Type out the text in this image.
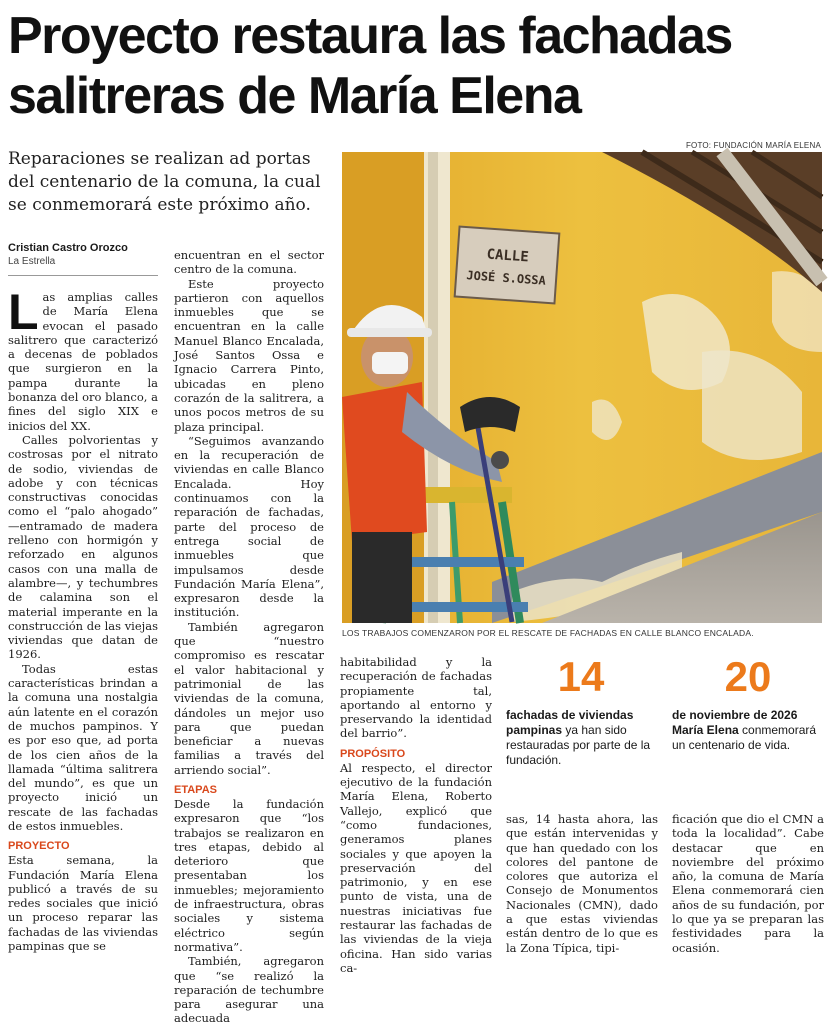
Proyecto restaura las fachadas salitreras de María Elena
FOTO: FUNDACIÓN MARÍA ELENA
Reparaciones se realizan ad portas del centenario de la comuna, la cual se conmemorará este próximo año.
Cristian Castro Orozco
La Estrella

Las amplias calles de María Elena evocan el pasado salitrero que caracterizó a decenas de poblados que surgieron en la pampa durante la bonanza del oro blanco, a fines del siglo XIX e inicios del XX.

Calles polvorientas y costrosas por el nitrato de sodio, viviendas de adobe y con técnicas constructivas conocidas como el “palo ahogado” —entramado de madera relleno con hormigón y reforzado en algunos casos con una malla de alambre—, y techumbres de calamina son el material imperante en la construcción de las viejas viviendas que datan de 1926.

Todas estas características brindan a la comuna una nostalgia aún latente en el corazón de muchos pampinos. Y es por eso que, ad porta de los cien años de la llamada “última salitrera del mundo”, es que un proyecto inició un rescate de las fachadas de estos inmuebles.

PROYECTO

Esta semana, la Fundación María Elena publicó a través de su redes sociales que inició un proceso reparar las fachadas de las viviendas pampinas que se

encuentran en el sector centro de la comuna.

Este proyecto partieron con aquellos inmuebles que se encuentran en la calle Manuel Blanco Encalada, José Santos Ossa e Ignacio Carrera Pinto, ubicadas en pleno corazón de la salitrera, a unos pocos metros de su plaza principal.

“Seguimos avanzando en la recuperación de viviendas en calle Blanco Encalada. Hoy continuamos con la reparación de fachadas, parte del proceso de entrega social de inmuebles que impulsamos desde Fundación María Elena”, expresaron desde la institución.

También agregaron que “nuestro compromiso es rescatar el valor habitacional y patrimonial de las viviendas de la comuna, dándoles un mejor uso para que puedan beneficiar a nuevas familias a través del arriendo social”.

ETAPAS

Desde la fundación expresaron que “los trabajos se realizaron en tres etapas, debido al deterioro que presentaban los inmuebles; mejoramiento de infraestructura, obras sociales y sistema eléctrico según normativa”.

También, agregaron que “se realizó la reparación de techumbre para asegurar una adecuada

CALLE
JOSÉ S.OSSA
LOS TRABAJOS COMENZARON POR EL RESCATE DE FACHADAS EN CALLE BLANCO ENCALADA.

habitabilidad y la recuperación de fachadas propiamente tal, aportando al entorno y preservando la identidad del barrio”.

PROPÓSITO

Al respecto, el director ejecutivo de la fundación María Elena, Roberto Vallejo, explicó que “como fundaciones, generamos planes sociales y que apoyen la preservación del patrimonio, y en ese punto de vista, una de nuestras iniciativas fue restaurar las fachadas de las viviendas de la vieja oficina. Han sido varias ca-

14
fachadas de viviendas pampinas ya han sido restauradas por parte de la fundación.
20
de noviembre de 2026 María Elena conmemorará un centenario de vida.

sas, 14 hasta ahora, las que están intervenidas y que han quedado con los colores del pantone de colores que autoriza el Consejo de Monumentos Nacionales (CMN), dado a que estas viviendas están dentro de lo que es la Zona Típica, tipi-

ficación que dio el CMN a toda la localidad”. Cabe destacar que en noviembre del próximo año, la comuna de María Elena conmemorará cien años de su fundación, por lo que ya se preparan las festividades para la ocasión.
